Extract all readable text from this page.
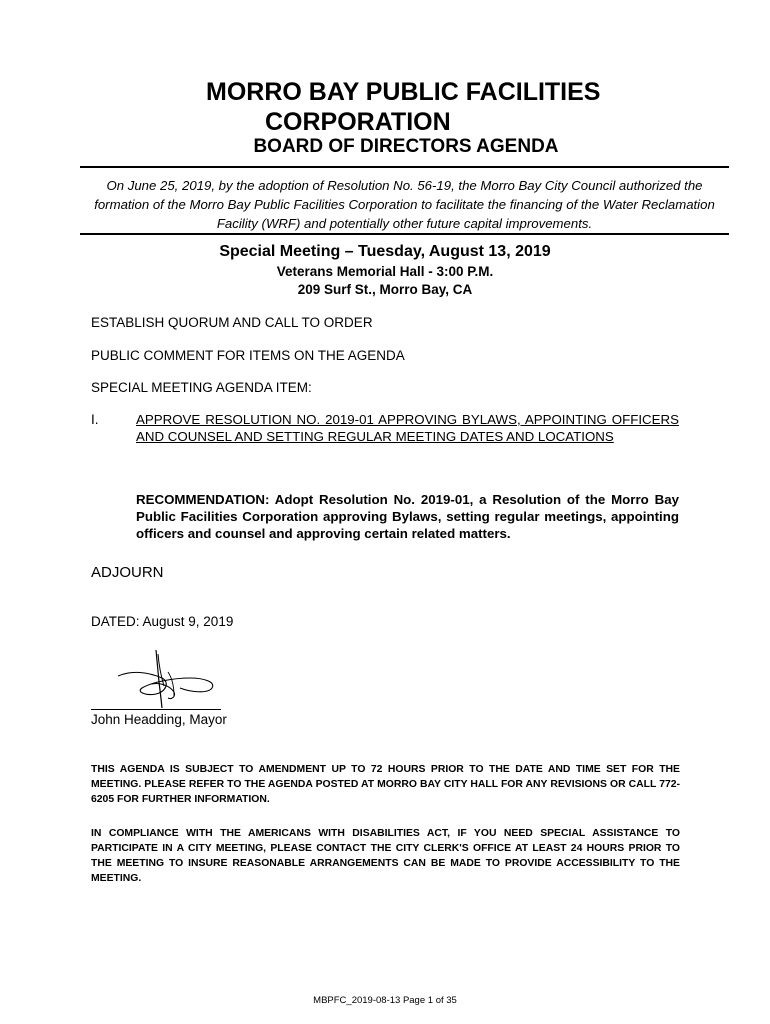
MORRO BAY PUBLIC FACILITIES
CORPORATION
BOARD OF DIRECTORS AGENDA
On June 25, 2019, by the adoption of Resolution No. 56-19, the Morro Bay City Council authorized the formation of the Morro Bay Public Facilities Corporation to facilitate the financing of the Water Reclamation Facility (WRF) and potentially other future capital improvements.
Special Meeting – Tuesday, August 13, 2019
Veterans Memorial Hall - 3:00 P.M.
209 Surf St., Morro Bay, CA
ESTABLISH QUORUM AND CALL TO ORDER
PUBLIC COMMENT FOR ITEMS ON THE AGENDA
SPECIAL MEETING AGENDA ITEM:
I.	APPROVE RESOLUTION NO. 2019-01 APPROVING BYLAWS, APPOINTING OFFICERS AND COUNSEL AND SETTING REGULAR MEETING DATES AND LOCATIONS
RECOMMENDATION: Adopt Resolution No. 2019-01, a Resolution of the Morro Bay Public Facilities Corporation approving Bylaws, setting regular meetings, appointing officers and counsel and approving certain related matters.
ADJOURN
DATED: August 9, 2019
John Headding, Mayor
THIS AGENDA IS SUBJECT TO AMENDMENT UP TO 72 HOURS PRIOR TO THE DATE AND TIME SET FOR THE MEETING. PLEASE REFER TO THE AGENDA POSTED AT MORRO BAY CITY HALL FOR ANY REVISIONS OR CALL 772-6205 FOR FURTHER INFORMATION.
IN COMPLIANCE WITH THE AMERICANS WITH DISABILITIES ACT, IF YOU NEED SPECIAL ASSISTANCE TO PARTICIPATE IN A CITY MEETING, PLEASE CONTACT THE CITY CLERK'S OFFICE AT LEAST 24 HOURS PRIOR TO THE MEETING TO INSURE REASONABLE ARRANGEMENTS CAN BE MADE TO PROVIDE ACCESSIBILITY TO THE MEETING.
MBPFC_2019-08-13 Page 1 of 35
